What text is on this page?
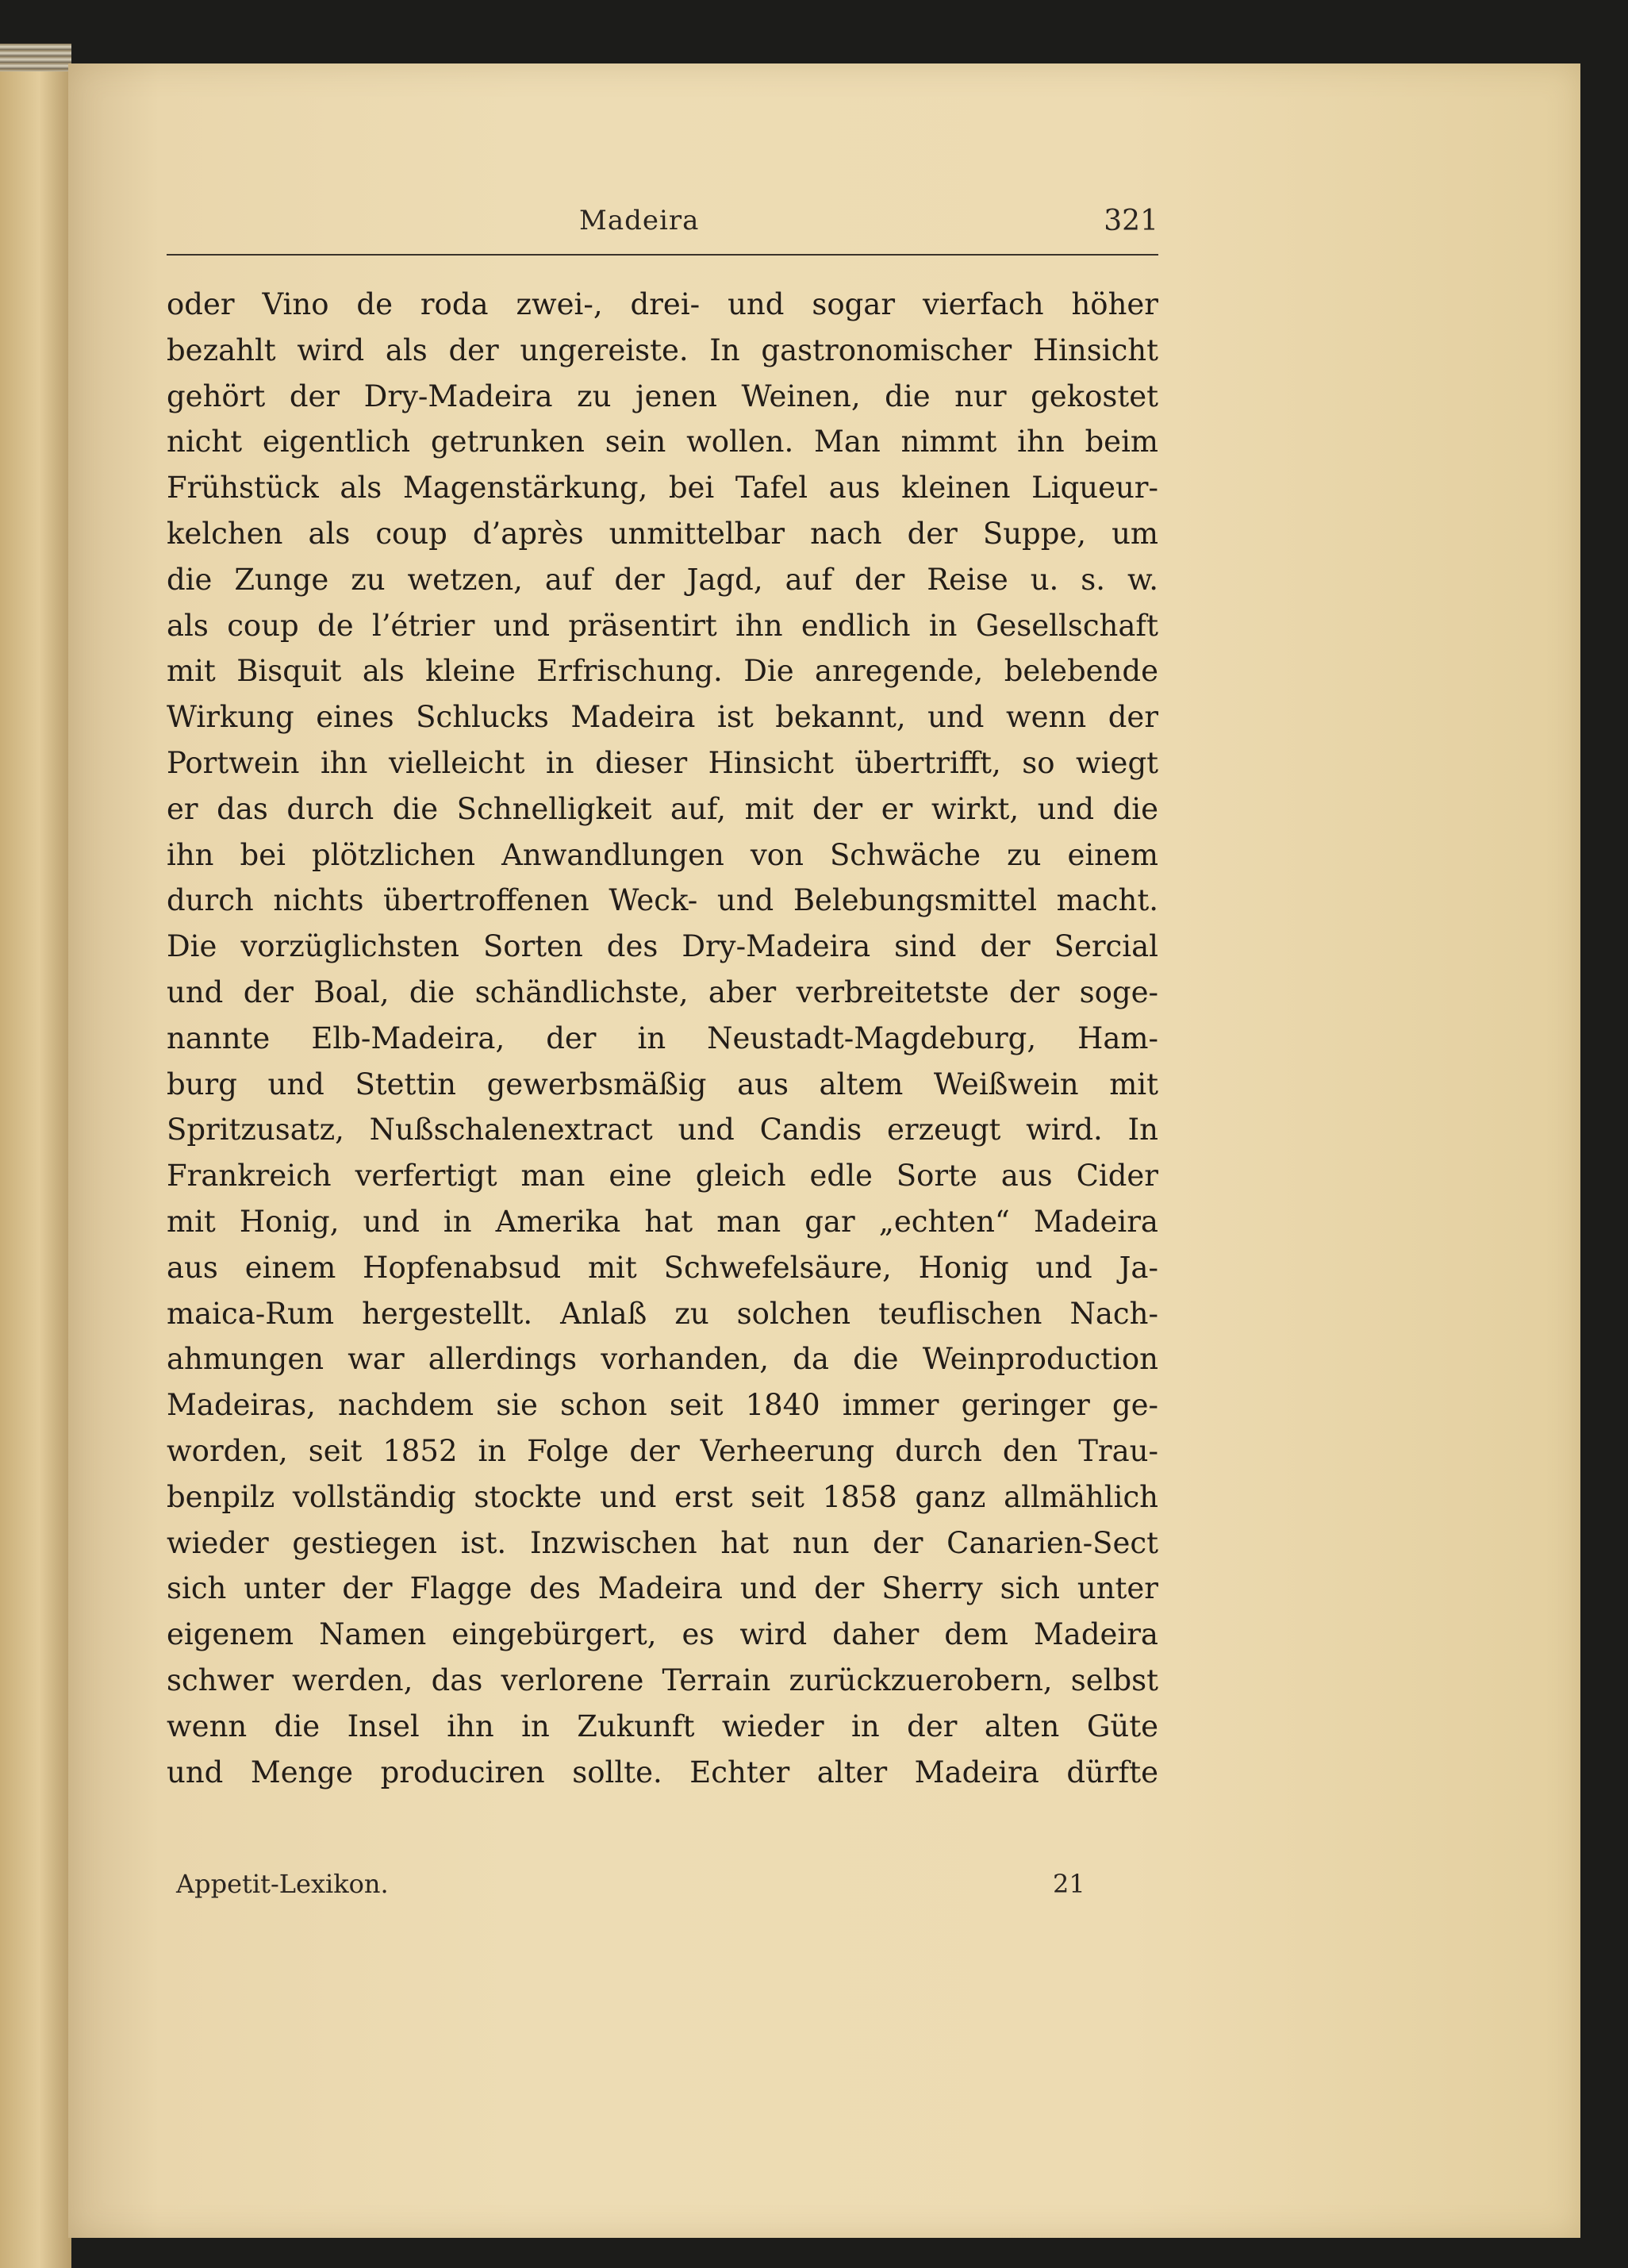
Madeira	321
oder Vino de roda zwei-, drei- und sogar vierfach höher
bezahlt wird als der ungereiste. In gastronomischer Hinsicht
gehört der Dry-Madeira zu jenen Weinen, die nur gekostet
nicht eigentlich getrunken sein wollen. Man nimmt ihn beim
Frühstück als Magenstärkung, bei Tafel aus kleinen Liqueur-
kelchen als coup d’après unmittelbar nach der Suppe, um
die Zunge zu wetzen, auf der Jagd, auf der Reise u. s. w.
als coup de l’étrier und präsentirt ihn endlich in Gesellschaft
mit Bisquit als kleine Erfrischung. Die anregende, belebende
Wirkung eines Schlucks Madeira ist bekannt, und wenn der
Portwein ihn vielleicht in dieser Hinsicht übertrifft, so wiegt
er das durch die Schnelligkeit auf, mit der er wirkt, und die
ihn bei plötzlichen Anwandlungen von Schwäche zu einem
durch nichts übertroffenen Weck- und Belebungsmittel macht.
Die vorzüglichsten Sorten des Dry-Madeira sind der Sercial
und der Boal, die schändlichste, aber verbreitetste der soge-
nannte Elb-Madeira, der in Neustadt-Magdeburg, Ham-
burg und Stettin gewerbsmäßig aus altem Weißwein mit
Spritzusatz, Nußschalenextract und Candis erzeugt wird. In
Frankreich verfertigt man eine gleich edle Sorte aus Cider
mit Honig, und in Amerika hat man gar „echten“ Madeira
aus einem Hopfenabsud mit Schwefelsäure, Honig und Ja-
maica-Rum hergestellt. Anlaß zu solchen teuflischen Nach-
ahmungen war allerdings vorhanden, da die Weinproduction
Madeiras, nachdem sie schon seit 1840 immer geringer ge-
worden, seit 1852 in Folge der Verheerung durch den Trau-
benpilz vollständig stockte und erst seit 1858 ganz allmählich
wieder gestiegen ist. Inzwischen hat nun der Canarien-Sect
sich unter der Flagge des Madeira und der Sherry sich unter
eigenem Namen eingebürgert, es wird daher dem Madeira
schwer werden, das verlorene Terrain zurückzuerobern, selbst
wenn die Insel ihn in Zukunft wieder in der alten Güte
und Menge produciren sollte. Echter alter Madeira dürfte
Appetit-Lexikon.	21
